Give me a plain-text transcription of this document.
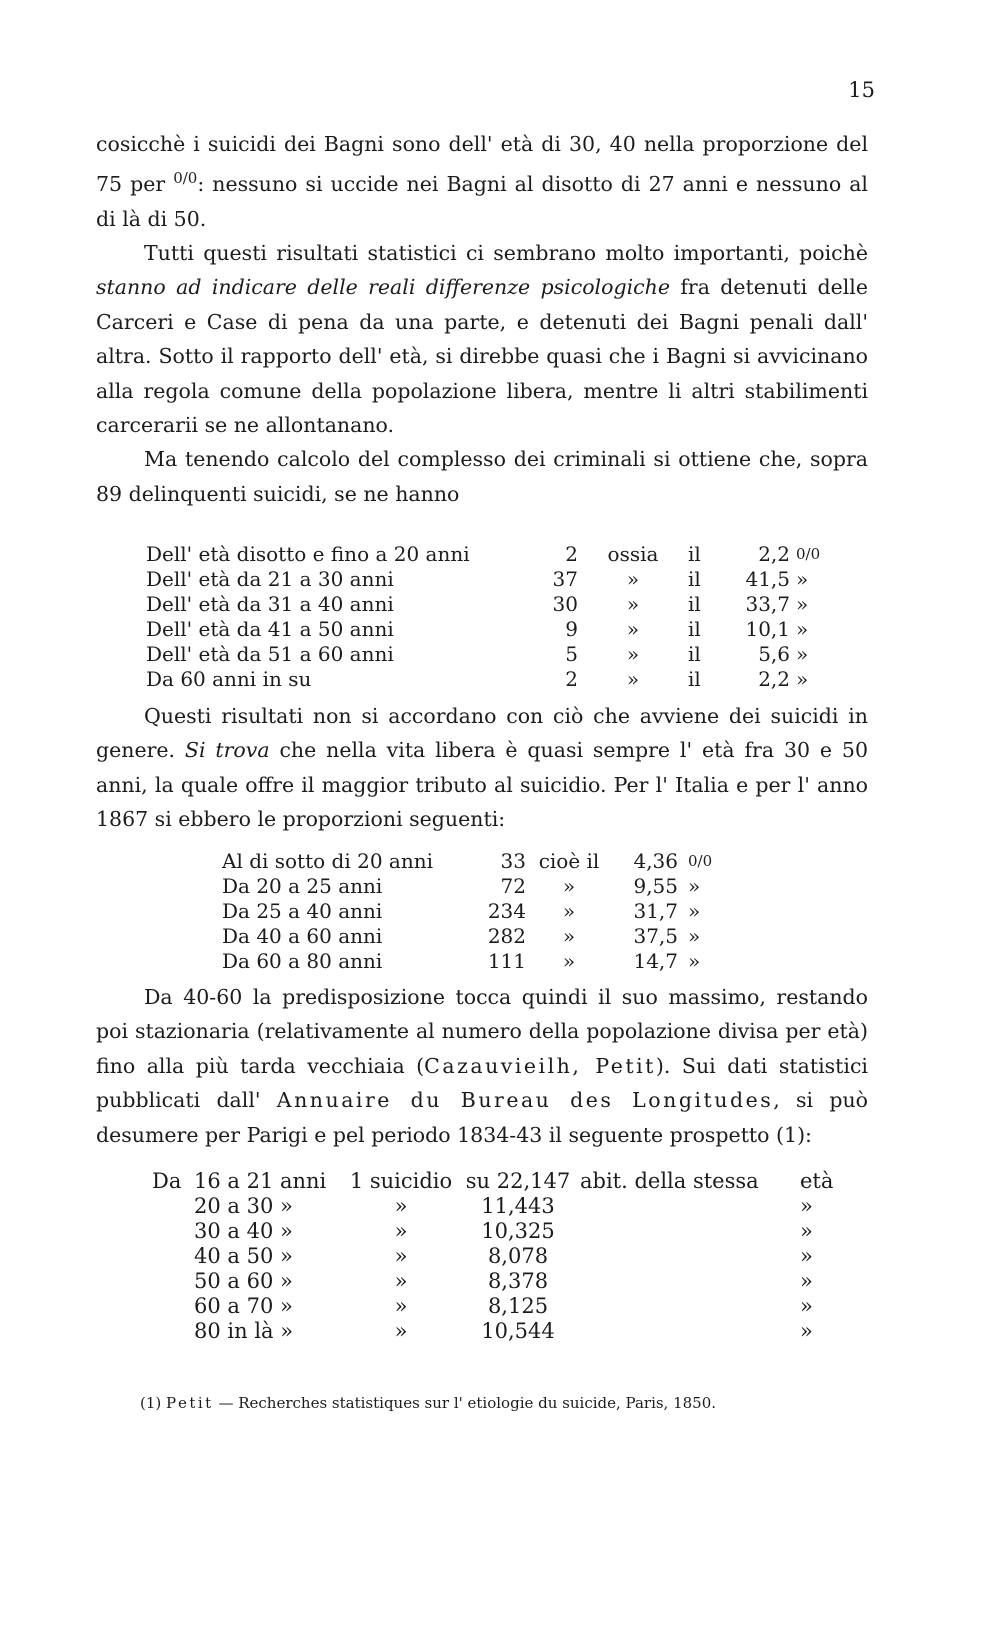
15

cosicchè i suicidi dei Bagni sono dell' età di 30, 40 nella proporzione del 75 per $^{0/0}$: nessuno si uccide nei Bagni al disotto di 27 anni e nessuno al di là di 50.

Tutti questi risultati statistici ci sembrano molto importanti, poichè stanno ad indicare delle reali differenze psicologiche fra detenuti delle Carceri e Case di pena da una parte, e detenuti dei Bagni penali dall' altra. Sotto il rapporto dell' età, si direbbe quasi che i Bagni si avvicinano alla regola comune della popolazione libera, mentre li altri stabilimenti carcerarii se ne allontanano.

Ma tenendo calcolo del complesso dei criminali si ottiene che, sopra 89 delinquenti suicidi, se ne hanno

Dell' età disotto e fino a 20 anni	2	ossia	il	2,2	0/0
Dell' età da 21 a 30 anni	37	»	il	41,5	»
Dell' età da 31 a 40 anni	30	»	il	33,7	»
Dell' età da 41 a 50 anni	9	»	il	10,1	»
Dell' età da 51 a 60 anni	5	»	il	5,6	»
Da 60 anni in su	2	»	il	2,2	»

Questi risultati non si accordano con ciò che avviene dei suicidi in genere. Si trova che nella vita libera è quasi sempre l' età fra 30 e 50 anni, la quale offre il maggior tributo al suicidio. Per l' Italia e per l' anno 1867 si ebbero le proporzioni seguenti:

Al di sotto di 20 anni	33	cioè il	4,36	0/0
Da 20 a 25 anni	72	»	9,55	»
Da 25 a 40 anni	234	»	31,7	»
Da 40 a 60 anni	282	»	37,5	»
Da 60 a 80 anni	111	»	14,7	»

Da 40-60 la predisposizione tocca quindi il suo massimo, restando poi stazionaria (relativamente al numero della popolazione divisa per età) fino alla più tarda vecchiaia (Cazauvieilh, Petit). Sui dati statistici pubblicati dall' Annuaire du Bureau des Longitudes, si può desumere per Parigi e pel periodo 1834-43 il seguente prospetto (1):

Da	16 a 21 anni	1 suicidio	su 22,147	abit. della stessa	età
	20 a 30 »	»	11,443		»
	30 a 40 »	»	10,325		»
	40 a 50 »	»	8,078		»
	50 a 60 »	»	8,378		»
	60 a 70 »	»	8,125		»
	80 in là »	»	10,544		»
(1) Petit — Recherches statistiques sur l' etiologie du suicide, Paris, 1850.
